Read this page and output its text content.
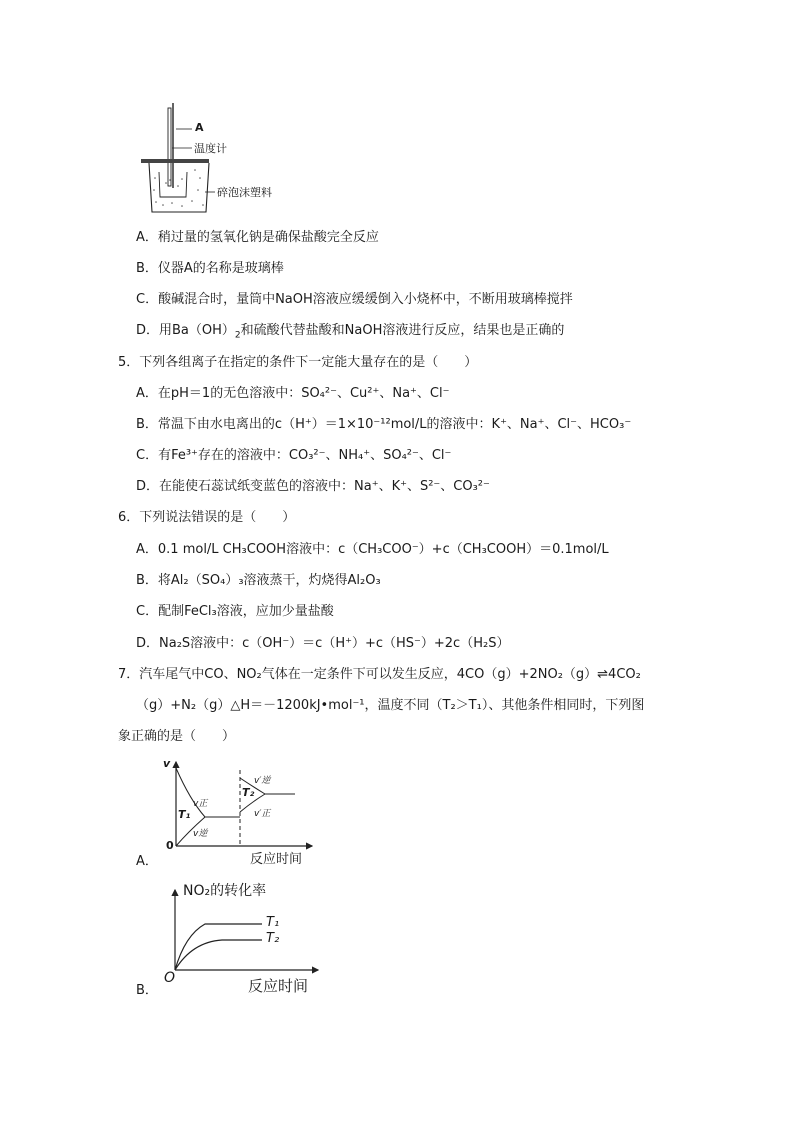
A
温度计
碎泡沫塑料
A．稍过量的氢氧化钠是确保盐酸完全反应
B．仪器A的名称是玻璃棒
C．酸碱混合时，量筒中NaOH溶液应缓缓倒入小烧杯中，不断用玻璃棒搅拌
D．用$Ba(OH)_2$和硫酸代替盐酸和NaOH溶液进行反应，结果也是正确的
5．下列各组离子在指定的条件下一定能大量存在的是（　　）
A．在pH＝1的无色溶液中：SO₄²⁻、Cu²⁺、Na⁺、Cl⁻
B．常温下由水电离出的c（H⁺）＝1×10⁻¹²mol/L的溶液中：K⁺、Na⁺、Cl⁻、HCO₃⁻
C．有Fe³⁺存在的溶液中：CO₃²⁻、NH₄⁺、SO₄²⁻、Cl⁻
D．在能使石蕊试纸变蓝色的溶液中：Na⁺、K⁺、S²⁻、CO₃²⁻
6．下列说法错误的是（　　）
A．0.1 mol/L CH₃COOH溶液中：c（CH₃COO⁻）+c（CH₃COOH）＝0.1mol/L
B．将Al₂（SO₄）₃溶液蒸干，灼烧得Al₂O₃
C．配制FeCl₃溶液，应加少量盐酸
D．Na₂S溶液中：c（OH⁻）＝c（H⁺）+c（HS⁻）+2c（H₂S）
7．汽车尾气中CO、NO₂气体在一定条件下可以发生反应，4CO（g）+2NO₂（g）⇌4CO₂
（g）+N₂（g）△H＝－1200kJ•mol⁻¹，温度不同（T₂＞T₁）、其他条件相同时，下列图
象正确的是（　　）
v
0
反应时间
T₁
T₂
v正
v逆
v′逆
v′正
A．
NO₂的转化率
O	反应时间
T₁
T₂
B．
